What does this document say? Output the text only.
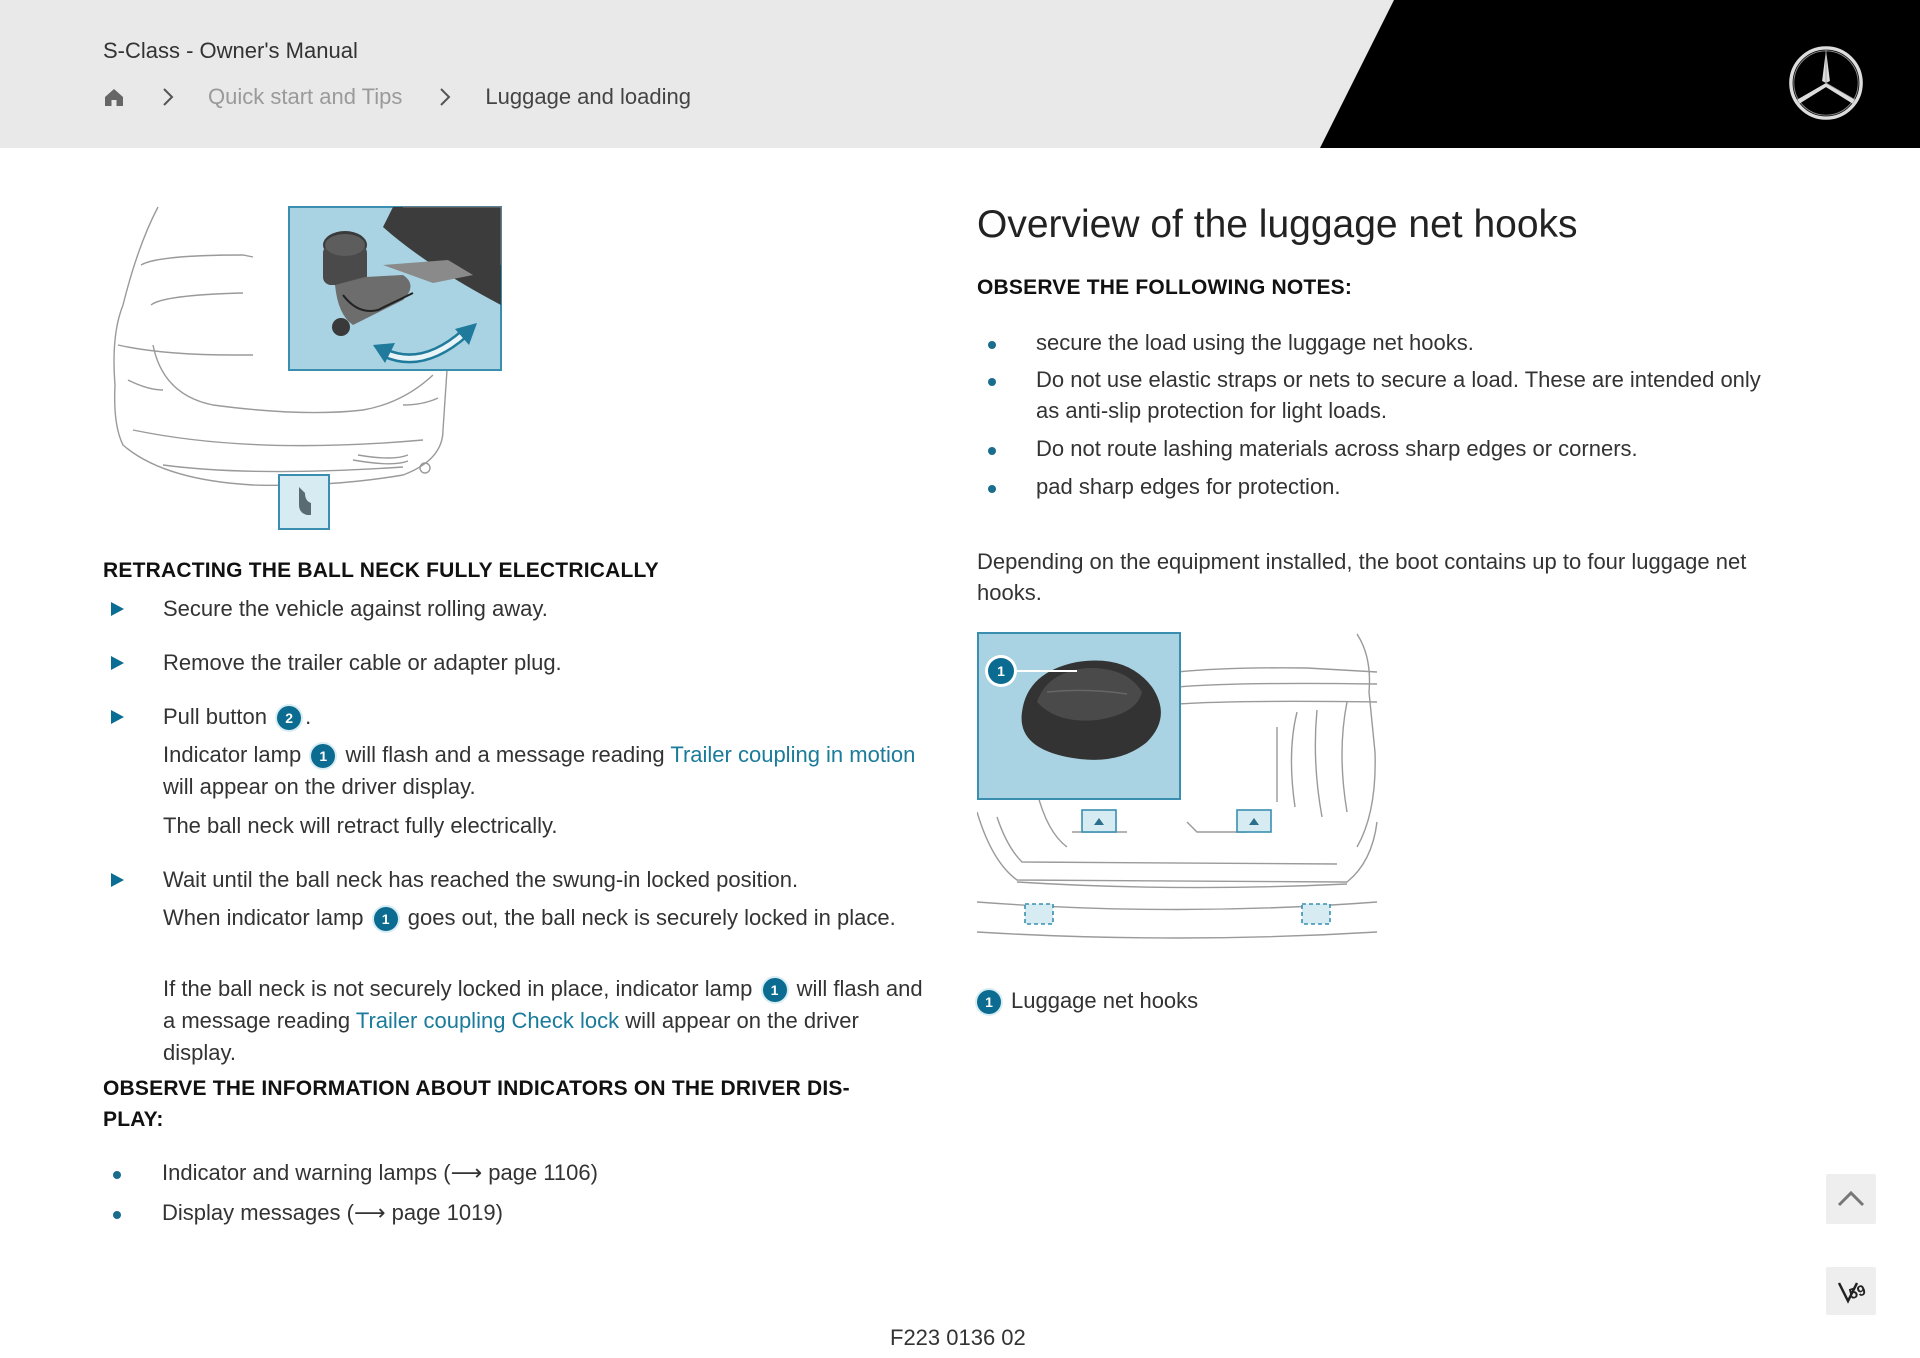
S-Class - Owner's Manual
Quick start and Tips	Luggage and loading
RETRACTING THE BALL NECK FULLY ELECTRICALLY
Secure the vehicle against rolling away.
Remove the trailer cable or adapter plug.
Pull button 2 .
Indicator lamp 1 will flash and a message reading Trailer coupling in motion will appear on the driver display.
The ball neck will retract fully electrically.
Wait until the ball neck has reached the swung-in locked position.
When indicator lamp 1 goes out, the ball neck is securely locked in place.
If the ball neck is not securely locked in place, indicator lamp 1 will flash and a message reading Trailer coupling Check lock will appear on the driver display.
OBSERVE THE INFORMATION ABOUT INDICATORS ON THE DRIVER DIS-PLAY:
Indicator and warning lamps (⟶ page 1106)
Display messages (⟶ page 1019)
Overview of the luggage net hooks
OBSERVE THE FOLLOWING NOTES:
secure the load using the luggage net hooks.
Do not use elastic straps or nets to secure a load. These are intended only as anti-slip protection for light loads.
Do not route lashing materials across sharp edges or corners.
pad sharp edges for protection.
Depending on the equipment installed, the boot contains up to four luggage net hooks.
1
1 Luggage net hooks
F223 0136 02
59
